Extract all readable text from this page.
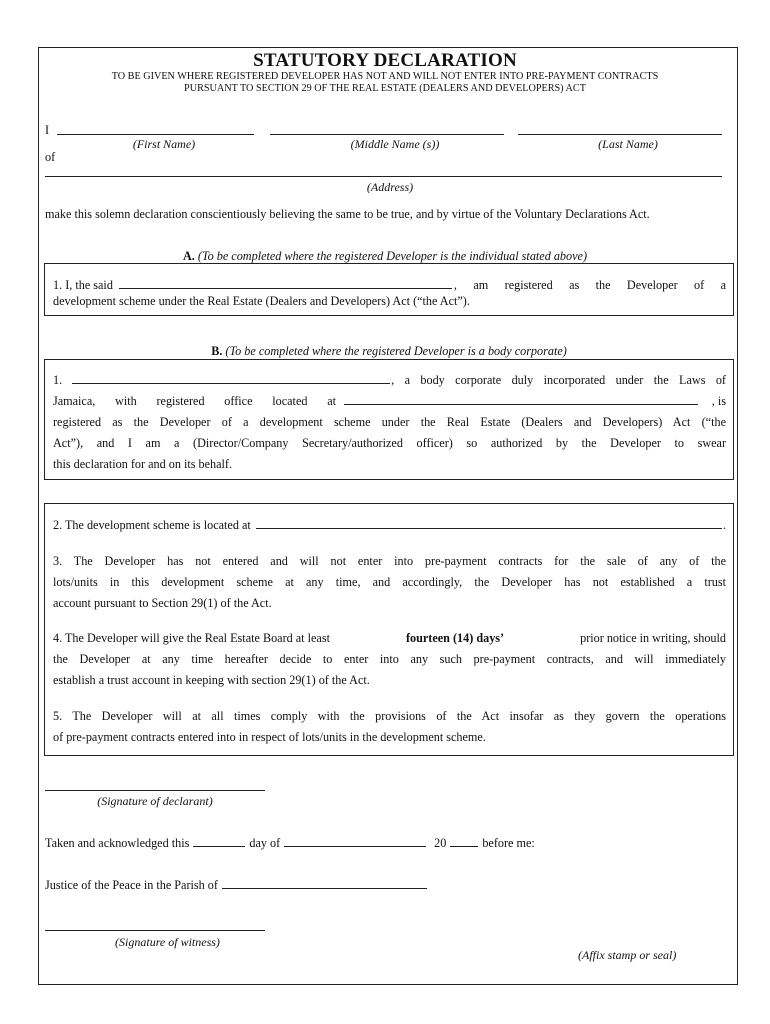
STATUTORY DECLARATION
TO BE GIVEN WHERE REGISTERED DEVELOPER HAS NOT AND WILL NOT ENTER INTO PRE-PAYMENT CONTRACTS
PURSUANT TO SECTION 29 OF THE REAL ESTATE (DEALERS AND DEVELOPERS) ACT
I
(First Name)	(Middle Name (s))	(Last Name)
of
(Address)
make this solemn declaration conscientiously believing the same to be true, and by virtue of the Voluntary Declarations Act.
A. (To be completed where the registered Developer is the individual stated above)
1. I, the said	, am registered as the Developer of a
development scheme under the Real Estate (Dealers and Developers) Act (“the Act”).
B. (To be completed where the registered Developer is a body corporate)
1.	, a body corporate duly incorporated under the Laws of
Jamaica, with registered office located at	, is
registered as the Developer of a development scheme under the Real Estate (Dealers and Developers) Act (“the
Act”), and I am a (Director/Company Secretary/authorized officer) so authorized by the Developer to swear
this declaration for and on its behalf.
2. The development scheme is located at	.
3. The Developer has not entered and will not enter into pre-payment contracts for the sale of any of the
lots/units in this development scheme at any time, and accordingly, the Developer has not established a trust
account pursuant to Section 29(1) of the Act.
4. The Developer will give the Real Estate Board at least	fourteen (14) days’	prior notice in writing, should
the Developer at any time hereafter decide to enter into any such pre-payment contracts, and will immediately
establish a trust account in keeping with section 29(1) of the Act.
5. The Developer will at all times comply with the provisions of the Act insofar as they govern the operations
of pre-payment contracts entered into in respect of lots/units in the development scheme.
(Signature of declarant)
Taken and acknowledged this	day of	20	before me:
Justice of the Peace in the Parish of
(Signature of witness)
(Affix stamp or seal)
